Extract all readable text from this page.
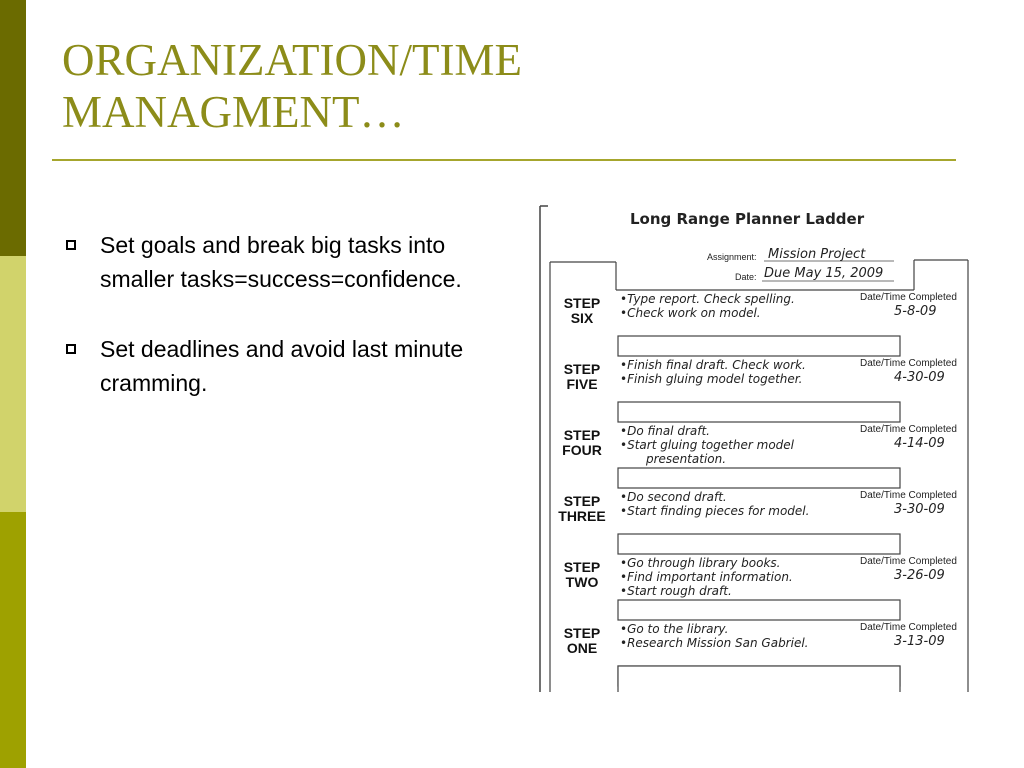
ORGANIZATION/TIME
MANAGMENT…
Set goals and break big tasks into smaller tasks=success=confidence.
Set deadlines and avoid last minute cramming.
Long Range Planner Ladder
Assignment: Mission Project
Date: Due May 15, 2009
STEP
SIX
•Type report. Check spelling.
•Check work on model.
Date/Time Completed
5-8-09
STEP
FIVE
•Finish final draft. Check work.
•Finish gluing model together.
Date/Time Completed
4-30-09
STEP
FOUR
•Do final draft.
•Start gluing together model
presentation.
Date/Time Completed
4-14-09
STEP
THREE
•Do second draft.
•Start finding pieces for model.
Date/Time Completed
3-30-09
STEP
TWO
•Go through library books.
•Find important information.
•Start rough draft.
Date/Time Completed
3-26-09
STEP
ONE
•Go to the library.
•Research Mission San Gabriel.
Date/Time Completed
3-13-09
